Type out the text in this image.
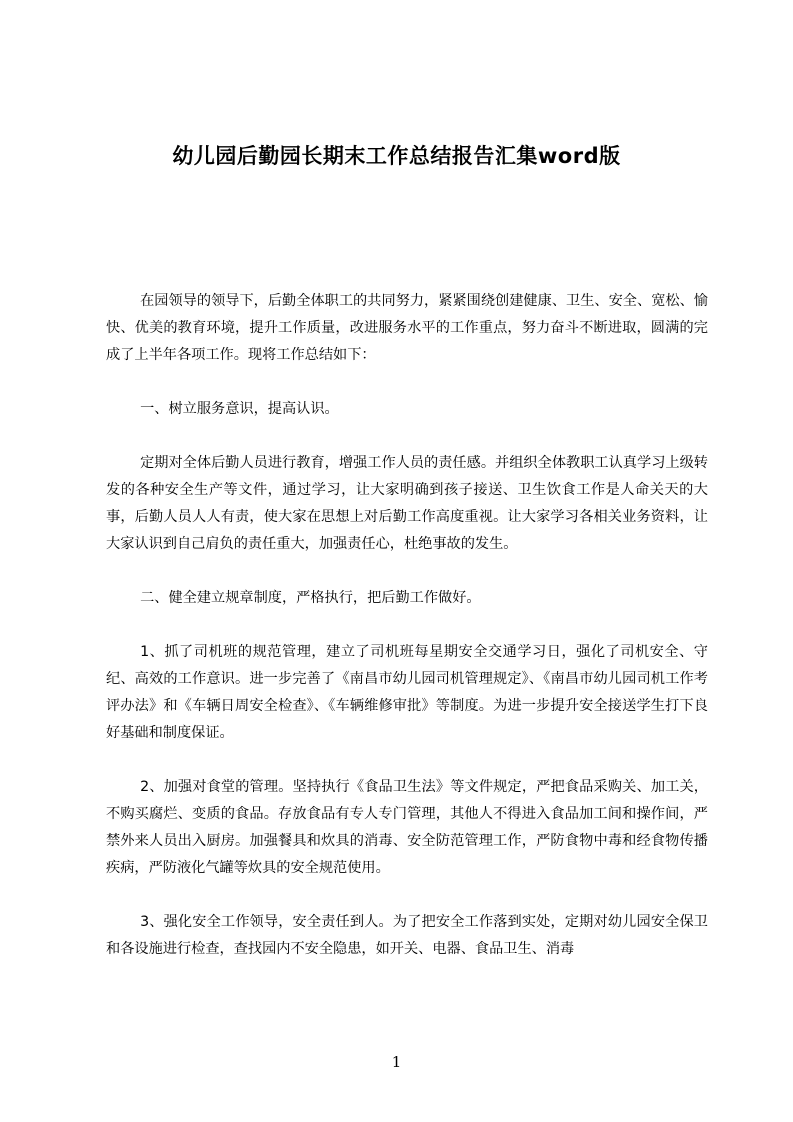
幼儿园后勤园长期末工作总结报告汇集word版

在园领导的领导下，后勤全体职工的共同努力，紧紧围绕创建健康、卫生、安全、宽松、愉快、优美的教育环境，提升工作质量，改进服务水平的工作重点，努力奋斗不断进取，圆满的完成了上半年各项工作。现将工作总结如下：

一、树立服务意识，提高认识。

定期对全体后勤人员进行教育，增强工作人员的责任感。并组织全体教职工认真学习上级转发的各种安全生产等文件，通过学习，让大家明确到孩子接送、卫生饮食工作是人命关天的大事，后勤人员人人有责，使大家在思想上对后勤工作高度重视。让大家学习各相关业务资料，让大家认识到自己肩负的责任重大，加强责任心，杜绝事故的发生。

二、健全建立规章制度，严格执行，把后勤工作做好。

1、抓了司机班的规范管理，建立了司机班每星期安全交通学习日，强化了司机安全、守纪、高效的工作意识。进一步完善了《南昌市幼儿园司机管理规定》、《南昌市幼儿园司机工作考评办法》和《车辆日周安全检查》、《车辆维修审批》等制度。为进一步提升安全接送学生打下良好基础和制度保证。

2、加强对食堂的管理。坚持执行《食品卫生法》等文件规定，严把食品采购关、加工关，不购买腐烂、变质的食品。存放食品有专人专门管理，其他人不得进入食品加工间和操作间，严禁外来人员出入厨房。加强餐具和炊具的消毒、安全防范管理工作，严防食物中毒和经食物传播疾病，严防液化气罐等炊具的安全规范使用。

3、强化安全工作领导，安全责任到人。为了把安全工作落到实处，定期对幼儿园安全保卫和各设施进行检查，查找园内不安全隐患，如开关、电器、食品卫生、消毒

1
